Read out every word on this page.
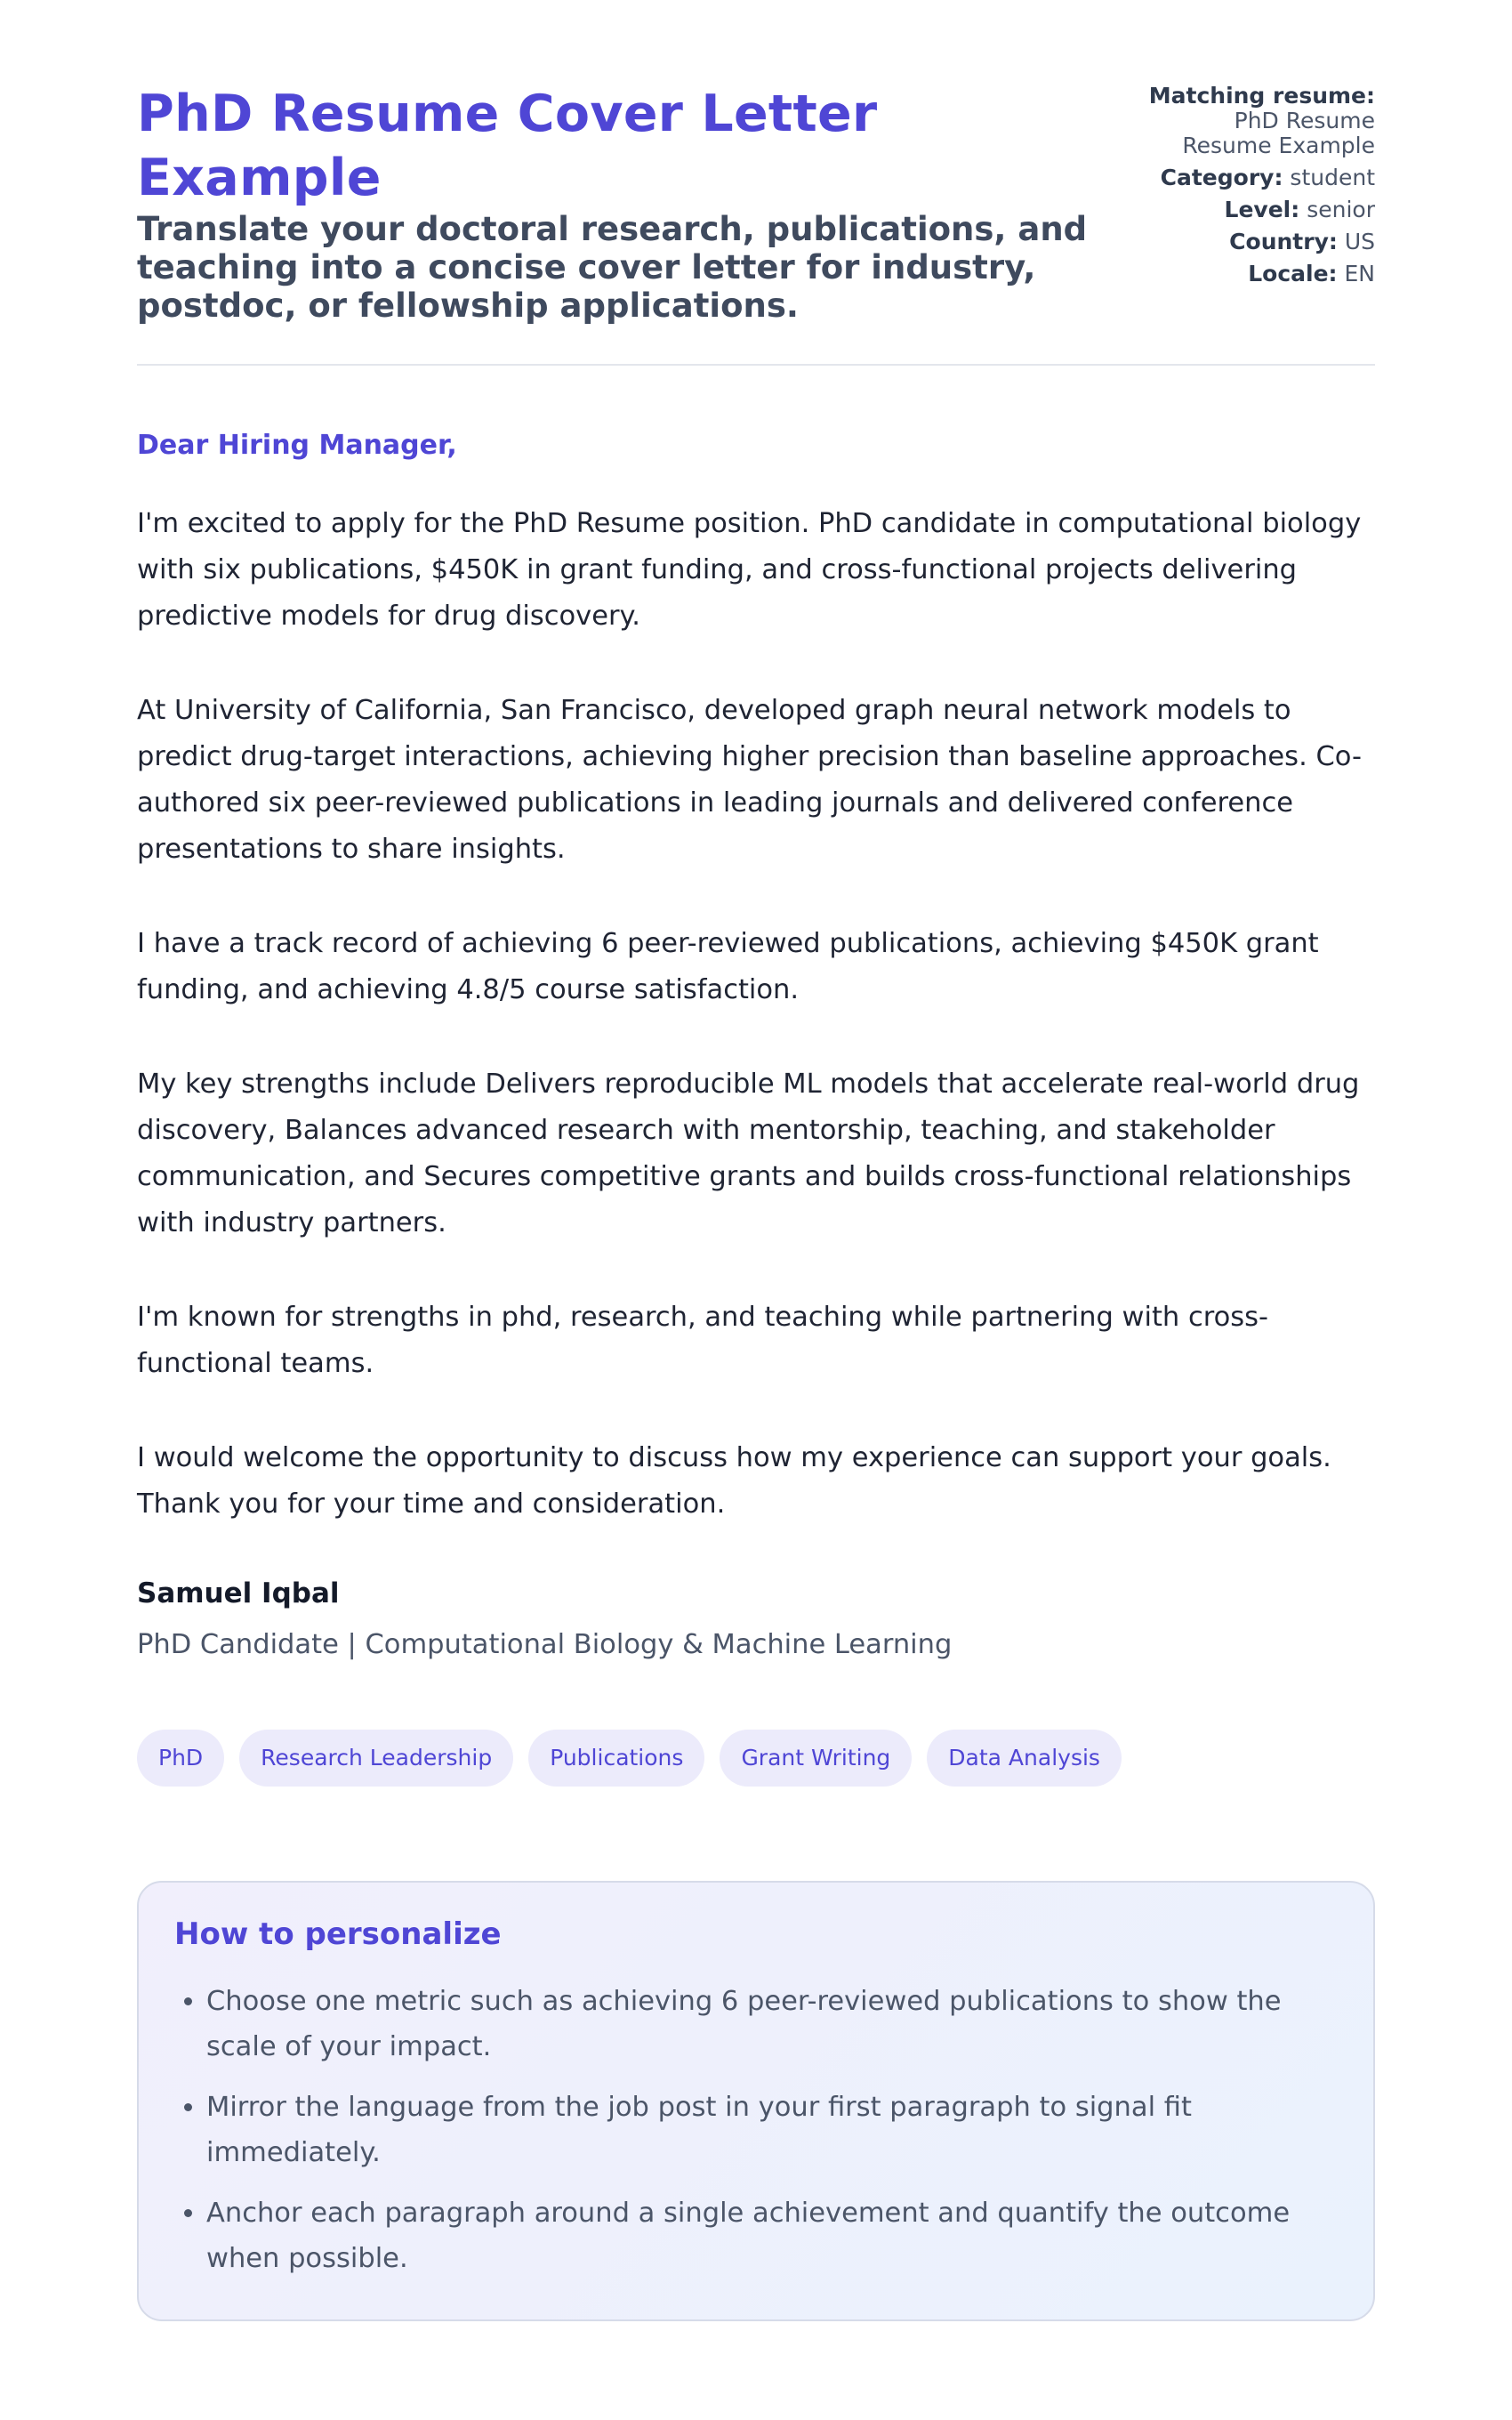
PhD Resume Cover Letter Example

Translate your doctoral research, publications, and teaching into a concise cover letter for industry, postdoc, or fellowship applications.

Matching resume:
PhD Resume
Resume Example
Category: student
Level: senior
Country: US
Locale: EN
Dear Hiring Manager,

I'm excited to apply for the PhD Resume position. PhD candidate in computational biology with six publications, $450K in grant funding, and cross-functional projects delivering predictive models for drug discovery.

At University of California, San Francisco, developed graph neural network models to predict drug-target interactions, achieving higher precision than baseline approaches. Co-authored six peer-reviewed publications in leading journals and delivered conference presentations to share insights.

I have a track record of achieving 6 peer-reviewed publications, achieving $450K grant funding, and achieving 4.8/5 course satisfaction.

My key strengths include Delivers reproducible ML models that accelerate real-world drug discovery, Balances advanced research with mentorship, teaching, and stakeholder communication, and Secures competitive grants and builds cross-functional relationships with industry partners.

I'm known for strengths in phd, research, and teaching while partnering with cross-functional teams.

I would welcome the opportunity to discuss how my experience can support your goals. Thank you for your time and consideration.

Samuel Iqbal
PhD Candidate | Computational Biology & Machine Learning
PhD	Research Leadership	Publications	Grant Writing	Data Analysis
How to personalize
• Choose one metric such as achieving 6 peer-reviewed publications to show the scale of your impact.
• Mirror the language from the job post in your first paragraph to signal fit immediately.
• Anchor each paragraph around a single achievement and quantify the outcome when possible.
